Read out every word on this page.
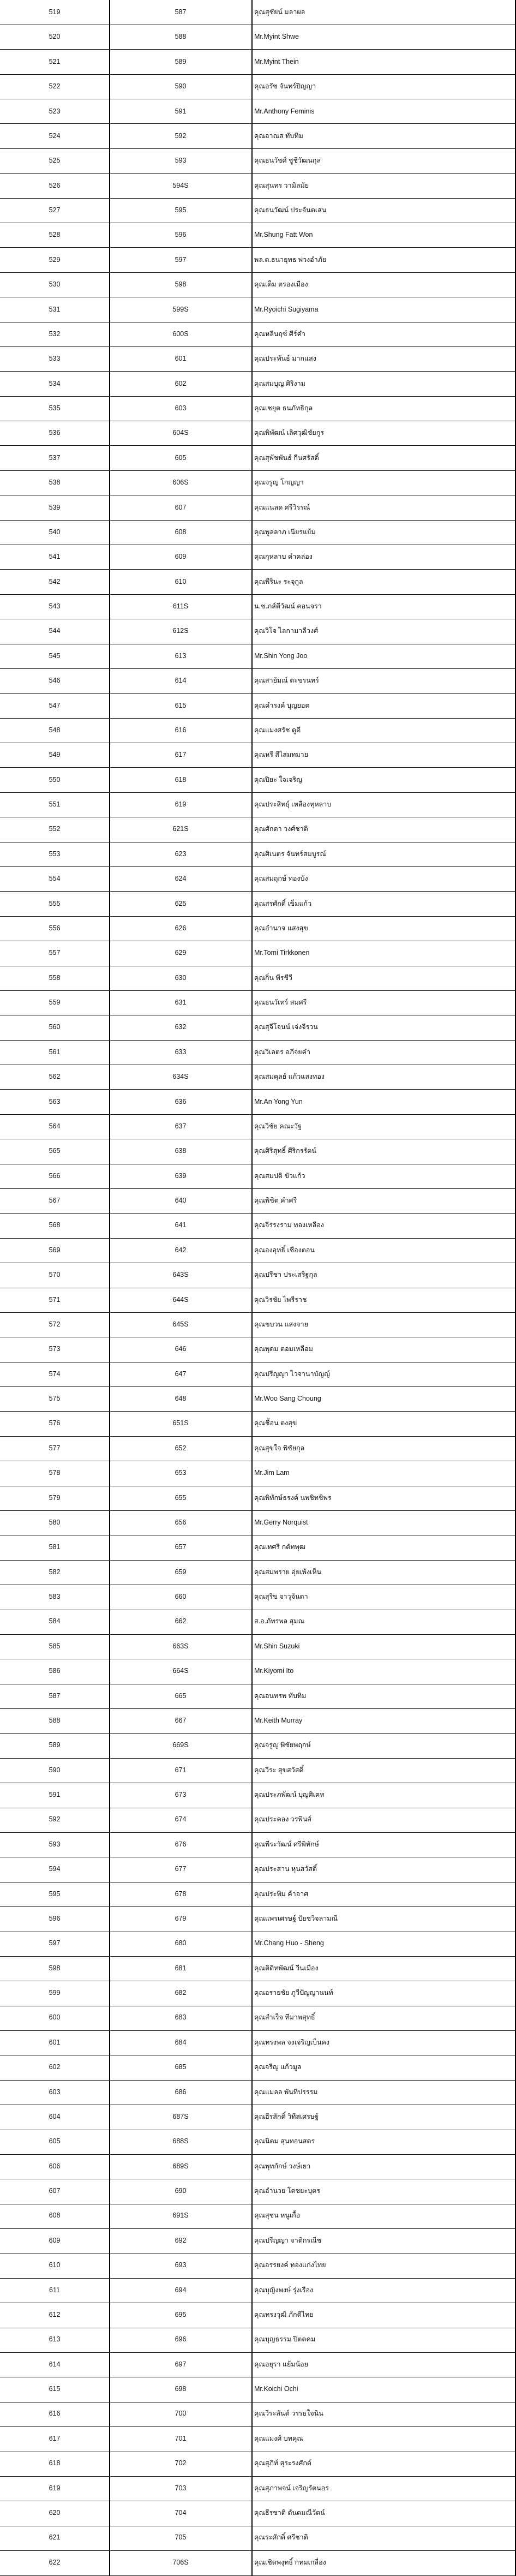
519	587	คุณสุชัยน์ มลาผล
520	588	Mr.Myint Shwe
521	589	Mr.Myint Thein
522	590	คุณอรัช จันทร์ปิญญา
523	591	Mr.Anthony Feminis
524	592	คุณอาณส ทับทิม
525	593	คุณธนวัชศ์ ชูชีวัฒนกุล
526	594S	คุณสุนทร วามิลมัย
527	595	คุณธนวัฒน์ ประจันตเสน
528	596	Mr.Shung Fatt Won
529	597	พล.ต.ธนายุทธ พ่วงอำภัย
530	598	คุณเต็ม ตรองเมือง
531	599S	Mr.Ryoichi Sugiyama
532	600S	คุณหลีนฤซ์ ศีร์คำ
533	601	คุณประพันธ์ มากแสง
534	602	คุณสมบุญ ศิริงาม
535	603	คุณเชยุต ธนภัทธิกุล
536	604S	คุณพิพัฒน์ เลิศวุฒิชัยกูร
537	605	คุณสุพัชพันธ์ กีนศรัสดิ์
538	606S	คุณจรูญ โกญญา
539	607	คุณแนลด ศรีวิรรณ์
540	608	คุณพูลลาภ เนียรแย้ม
541	609	คุณกุหลาบ คำคล่อง
542	610	คุณพีรินะ ระจุกูล
543	611S	น.ช.ภส์ตีวัฒน์ คอนจรา
544	612S	คุณวิโจ ไลกามาลีวงศ์
545	613	Mr.Shin Yong Joo
546	614	คุณสายัมณ์ ตะขรนทร์
547	615	คุณคำรงค์ บุญยอด
548	616	คุณแมงศรัช ดูดี
549	617	คุณหรี สีไสมทมาย
550	618	คุณปิยะ ใจเจริญ
551	619	คุณประสิทธุ์ เหลืองทุหลาบ
552	621S	คุณศักดา วงศ์ชาติ
553	623	คุณศิเนตร จันทร์สมบูรณ์
554	624	คุณสมถุกษ์ ทองบ้ง
555	625	คุณสรศักดิ์ เข็มแก้ว
556	626	คุณอำนาจ แสงสุข
557	629	Mr.Tomi Tirkkonen
558	630	คุณกิ่น พีรชีวี
559	631	คุณธนวัเทร์ สมศรี
560	632	คุณสุจีโจนน์ เจ่งจีรวน
561	633	คุณวิเลตร อภีจยคำ
562	634S	คุณสมคุลย์ แก้วแสงทอง
563	636	Mr.An Yong Yun
564	637	คุณวิชัย คณะวัฐ
565	638	คุณศิริสุทธิ์ ศีริกรรัตน์
566	639	คุณสมปติ ขัวแก้ว
567	640	คุณพิชิต คำศรี
568	641	คุณจีรรงราม ทองเหลือง
569	642	คุณองอุทธิ์ เชืองตอน
570	643S	คุณปรีชา ประเสริฐกุล
571	644S	คุณวิรชัย ไพรีราช
572	645S	คุณขบวน แสงจาย
573	646	คุณพุดม ตอมเหลือม
574	647	คุณปรีญญา ไวจานาบัญญ์
575	648	Mr.Woo Sang Choung
576	651S	คุณชื้อน ตงสุข
577	652	คุณสุขใจ พิชัยกุล
578	653	Mr.Jim Lam
579	655	คุณพิทักษ์ธรงค์ นพชิทชิพร
580	656	Mr.Gerry Norquist
581	657	คุณเทศรี กตัทพุฒ
582	659	คุณสมพราย อุ่ยเพ้งเห็น
583	660	คุณสุริข จาวุจันดา
584	662	ส.อ.ภัทรพล สุมณ
585	663S	Mr.Shin Suzuki
586	664S	Mr.Kiyomi Ito
587	665	คุณอนทรพ ทับทิม
588	667	Mr.Keith Murray
589	669S	คุณจรูญ พิชัยพฤกษ์
590	671	คุณวีระ สุขสวัสดิ์
591	673	คุณประภพัฒน์ บุญศิเคท
592	674	คุณประคอง วรพินส์
593	676	คุณพีระวัฒน์ ศรีพิทักษ์
594	677	คุณประสาน หุนสวัสดิ์
595	678	คุณประพิม ค้าอาศ
596	679	คุณแพรเศรษฐ์ ปัยชวิจลามณี
597	680	Mr.Chang Huo - Sheng
598	681	คุณติดิทพัฒน์ วีนเมือง
599	682	คุณอรายชัย ภูวีปัญญานนท์
600	683	คุณสำเร็จ ทีมาพสุทธิ์
601	684	คุณทรงพล จงเจริญเบ็นคง
602	685	คุณจรีญ แก้วมูล
603	686	คุณแมลล พันทีปรรรม
604	687S	คุณฮีรสักดิ์ วิทีสเศรษฐ์
605	688S	คุณนิตม สุนทอนสตร
606	689S	คุณพุทกักษ์ วงษ์เยา
607	690	คุณอำนวย โตชยะบุตร
608	691S	คุณสุชน หนูเกื้อ
609	692	คุณปรีญญา จาติกรณีช
610	693	คุณอรรยงค์ ทองแก่งไทย
611	694	คุณบุญิงพงษ์ รุ่งเรือง
612	695	คุณทรงวุฒิ ภักดีไทย
613	696	คุณบุญธรรม ปิตตคม
614	697	คุณอยุรา แย้มน้อย
615	698	Mr.Koichi Ochi
616	700	คุณวีระสันต์ วรรธใจนิน
617	701	คุณแมงศ์ บทคุณ
618	702	คุณสุภิท์ สุระรงศักด์
619	703	คุณสุภาพจน์ เจริญรัตนอร
620	704	คุณธีรชาติ ตันตมณีวัตน์
621	705	คุณระศักดิ์ ศรีชาติ
622	706S	คุณเชิดพงุทธิ์ กทมเกลื่อง
